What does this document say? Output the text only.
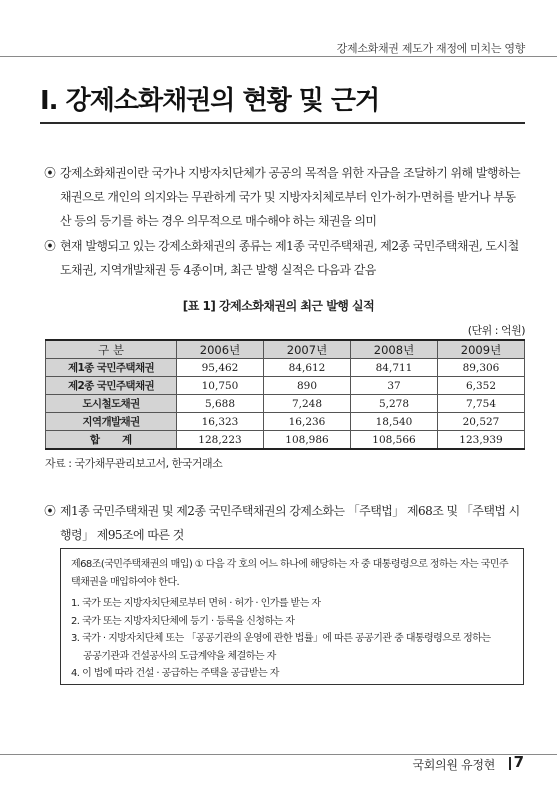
강제소화채권 제도가 재정에 미치는 영향
I. 강제소화채권의 현황 및 근거
⦿ 강제소화채권이란 국가나 지방자치단체가 공공의 목적을 위한 자금을 조달하기 위해 발행하는 채권으로 개인의 의지와는 무관하게 국가 및 지방자치체로부터 인가·허가·면허를 받거나 부동산 등의 등기를 하는 경우 의무적으로 매수해야 하는 채권을 의미
⦿ 현재 발행되고 있는 강제소화채권의 종류는 제1종 국민주택채권, 제2종 국민주택채권, 도시철도채권, 지역개발채권 등 4종이며, 최근 발행 실적은 다음과 같음
[표 1] 강제소화채권의 최근 발행 실적
(단위 : 억원)
구 분	2006년	2007년	2008년	2009년
제1종 국민주택채권	95,462	84,612	84,711	89,306
제2종 국민주택채권	10,750	890	37	6,352
도시철도채권	5,688	7,248	5,278	7,754
지역개발채권	16,323	16,236	18,540	20,527
합계	128,223	108,986	108,566	123,939
자료 : 국가채무관리보고서, 한국거래소
⦿ 제1종 국민주택채권 및 제2종 국민주택채권의 강제소화는 「주택법」 제68조 및 「주택법 시행령」 제95조에 따른 것
제68조(국민주택채권의 매입) ① 다음 각 호의 어느 하나에 해당하는 자 중 대통령령으로 정하는 자는 국민주택채권을 매입하여야 한다.
1. 국가 또는 지방자치단체로부터 면허 · 허가 · 인가를 받는 자
2. 국가 또는 지방자치단체에 등기 · 등록을 신청하는 자
3. 국가 · 지방자치단체 또는 「공공기관의 운영에 관한 법률」에 따른 공공기관 중 대통령령으로 정하는
공공기관과 건설공사의 도급계약을 체결하는 자
4. 이 법에 따라 건설 · 공급하는 주택을 공급받는 자
국회의원 유정현 7
